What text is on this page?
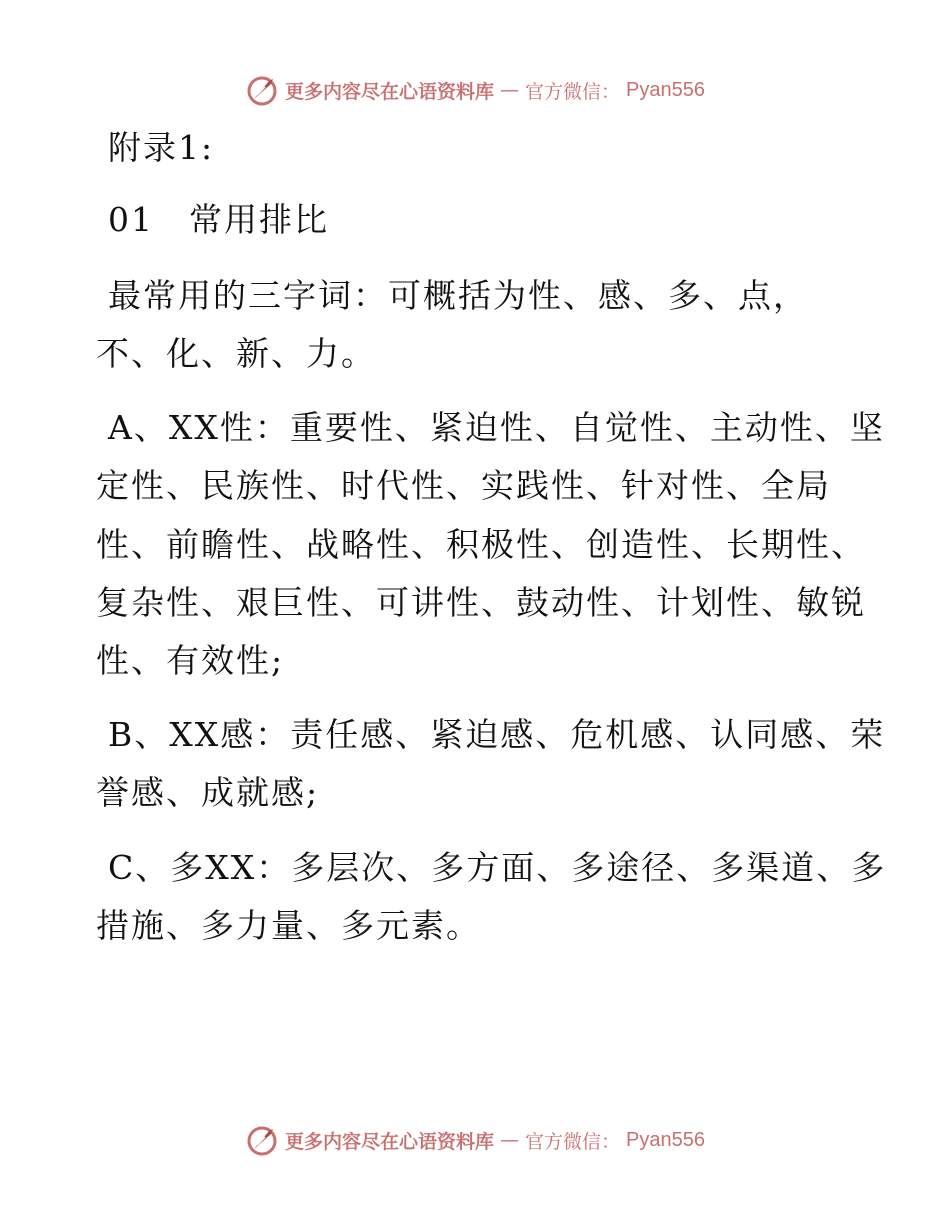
更多内容尽在心语资料库 — 官方微信： Pyan556
附录1:
01　常用排比
最常用的三字词：可概括为性、感、多、点，
不、化、新、力。
A、XX性：重要性、紧迫性、自觉性、主动性、坚
定性、民族性、时代性、实践性、针对性、全局
性、前瞻性、战略性、积极性、创造性、长期性、
复杂性、艰巨性、可讲性、鼓动性、计划性、敏锐
性、有效性;
B、XX感：责任感、紧迫感、危机感、认同感、荣
誉感、成就感;
C、多XX：多层次、多方面、多途径、多渠道、多
措施、多力量、多元素。
更多内容尽在心语资料库 — 官方微信： Pyan556
